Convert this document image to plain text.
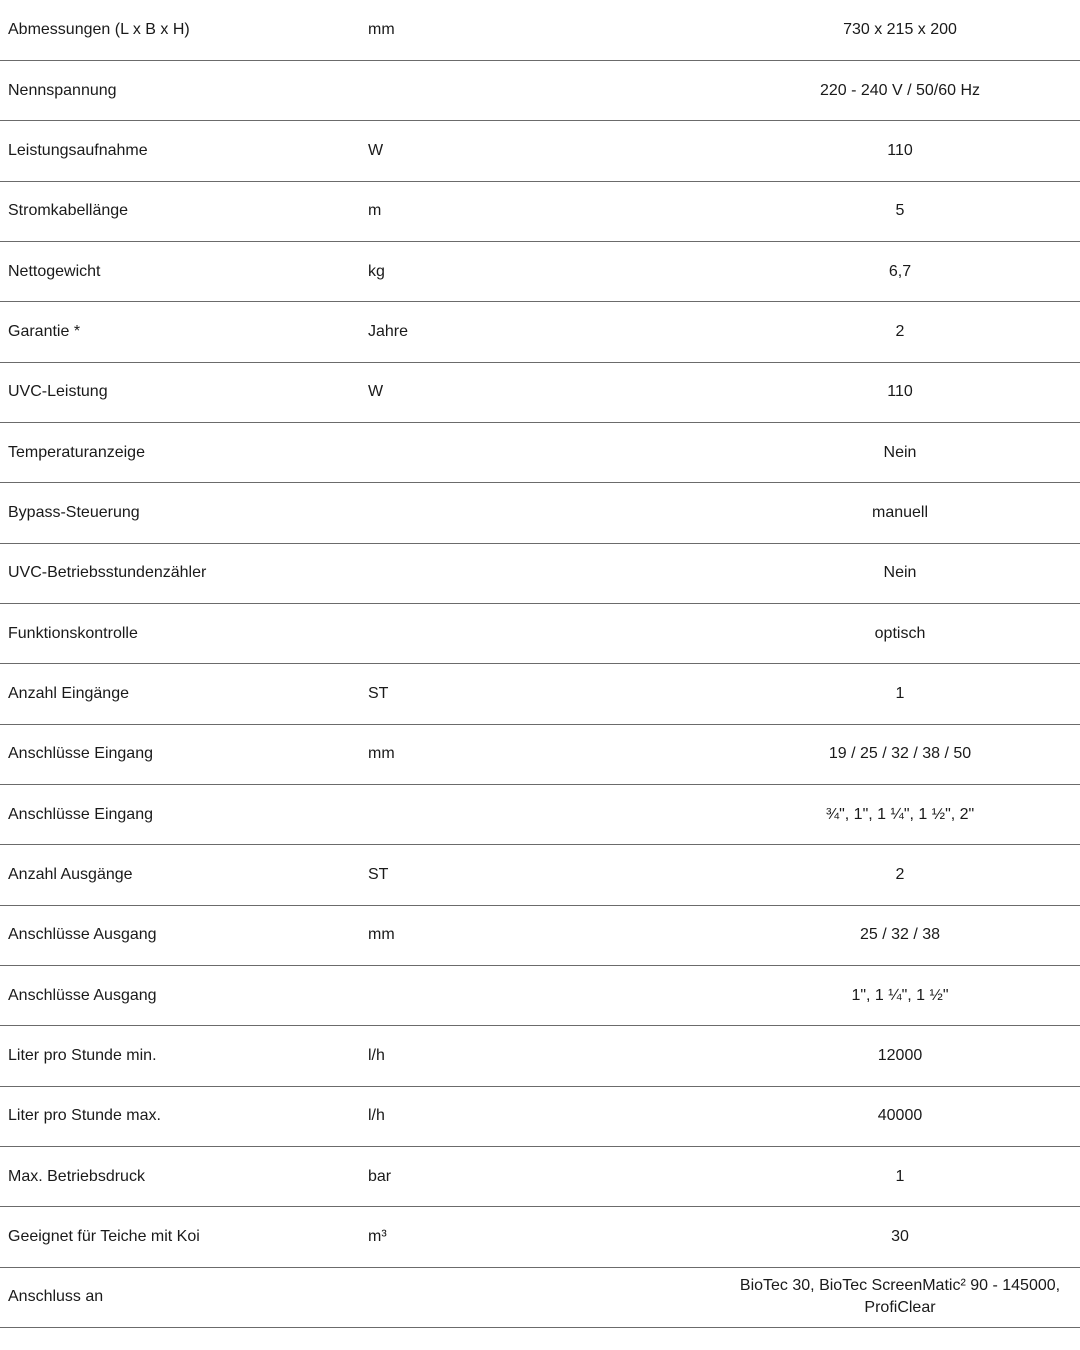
Abmessungen (L x B x H)	mm	730 x 215 x 200
Nennspannung		220 - 240 V / 50/60 Hz
Leistungsaufnahme	W	110
Stromkabellänge	m	5
Nettogewicht	kg	6,7
Garantie *	Jahre	2
UVC-Leistung	W	110
Temperaturanzeige		Nein
Bypass-Steuerung		manuell
UVC-Betriebsstundenzähler		Nein
Funktionskontrolle		optisch
Anzahl Eingänge	ST	1
Anschlüsse Eingang	mm	19 / 25 / 32 / 38 / 50
Anschlüsse Eingang		¾", 1", 1 ¼", 1 ½", 2"
Anzahl Ausgänge	ST	2
Anschlüsse Ausgang	mm	25 / 32 / 38
Anschlüsse Ausgang		1", 1 ¼", 1 ½"
Liter pro Stunde min.	l/h	12000
Liter pro Stunde max.	l/h	40000
Max. Betriebsdruck	bar	1
Geeignet für Teiche mit Koi	m³	30
Anschluss an		BioTec 30, BioTec ScreenMatic² 90 - 145000, ProfiClear
